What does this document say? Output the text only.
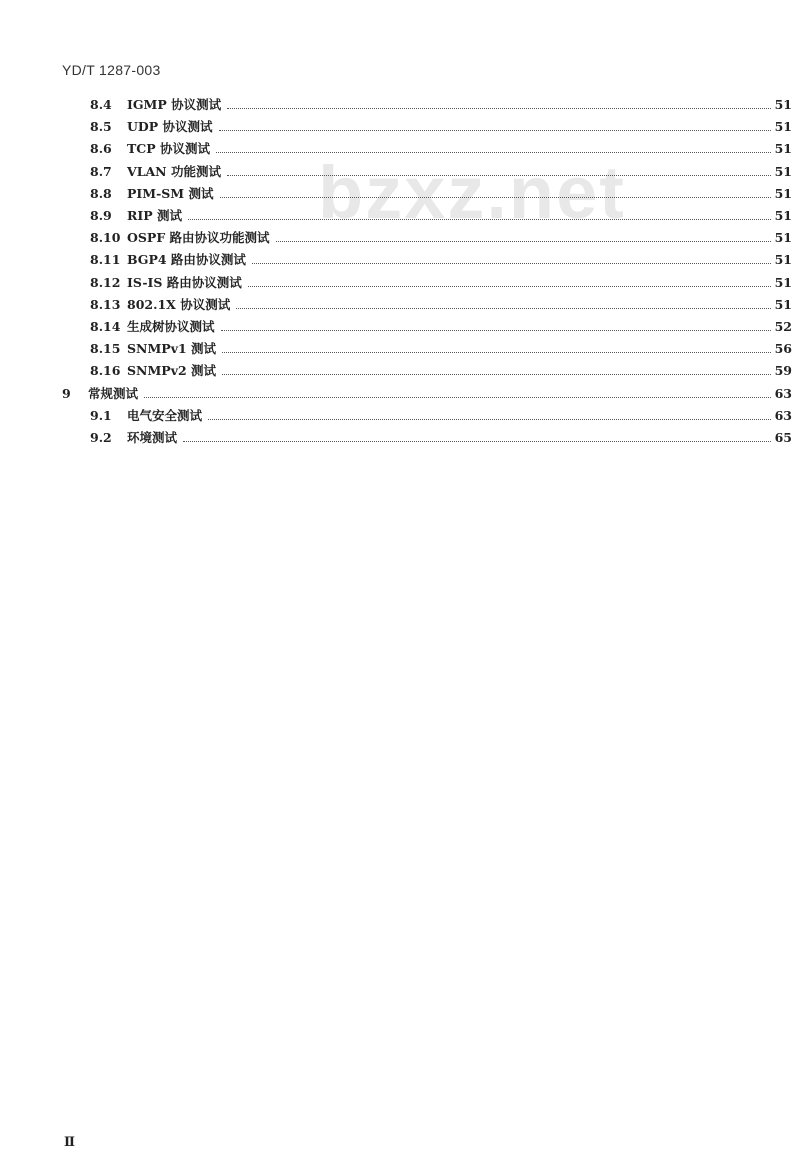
YD/T 1287-003
bzxz.net
8.4	IGMP 协议测试	51
8.5	UDP 协议测试	51
8.6	TCP 协议测试	51
8.7	VLAN 功能测试	51
8.8	PIM-SM 测试	51
8.9	RIP 测试	51
8.10 OSPF 路由协议功能测试	51
8.11 BGP4 路由协议测试	51
8.12 IS-IS 路由协议测试	51
8.13 802.1X 协议测试	51
8.14 生成树协议测试	52
8.15 SNMPv1 测试	56
8.16 SNMPv2 测试	59
9	常规测试	63
9.1	电气安全测试	63
9.2	环境测试	65
Ⅱ
